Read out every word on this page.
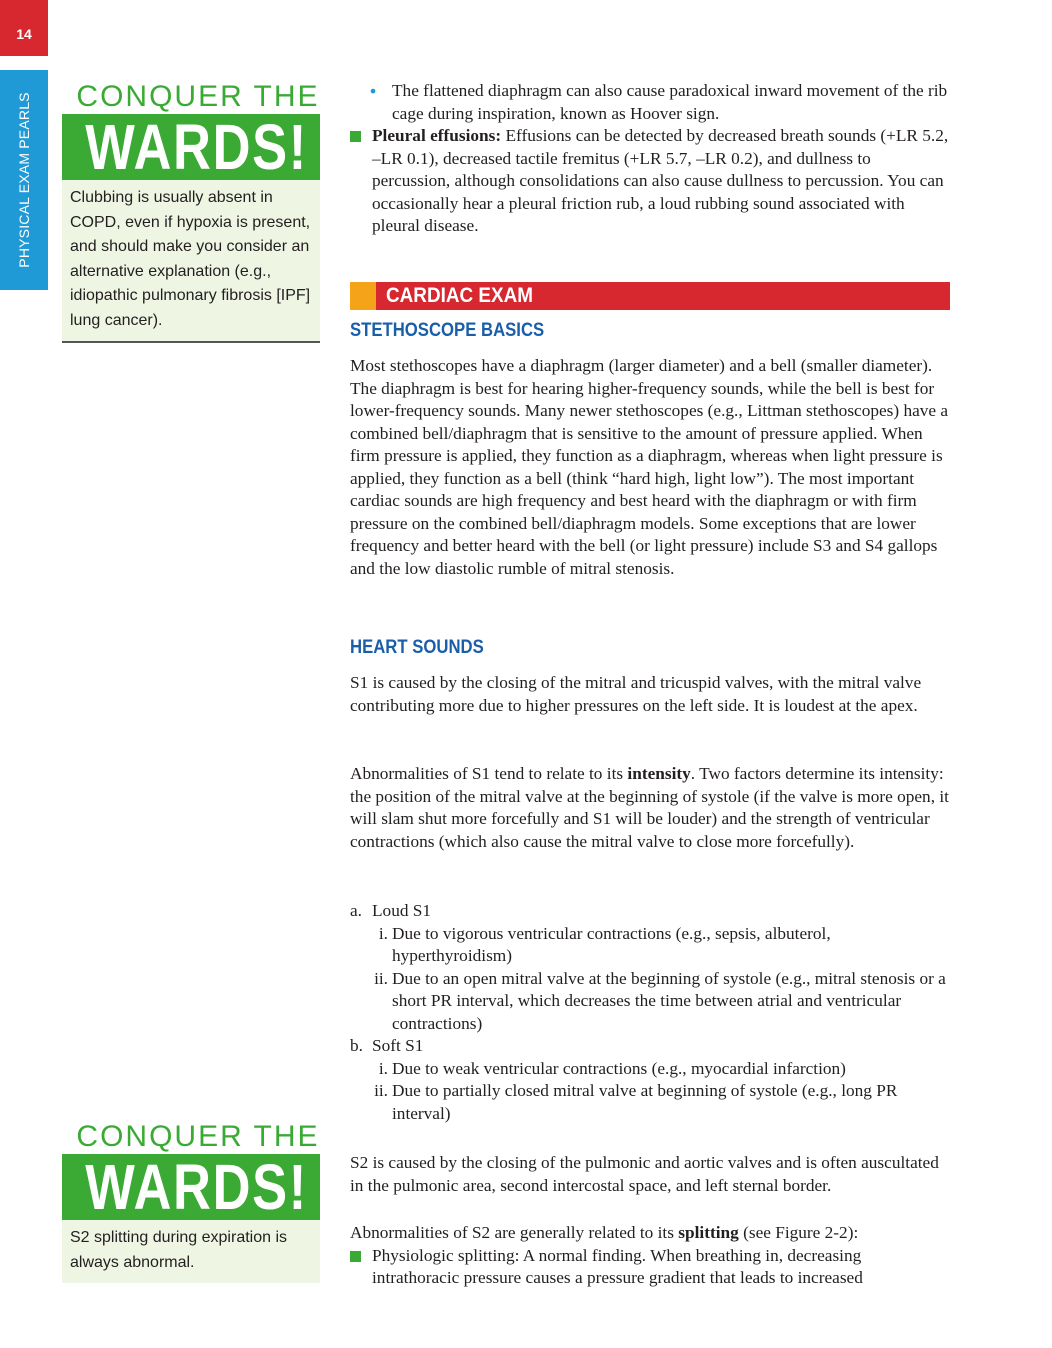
14
PHYSICAL EXAM PEARLS	CONQUER THE
WARDS!
Clubbing is usually absent in COPD, even if hypoxia is present, and should make you consider an alternative explanation (e.g., idiopathic pulmonary fibrosis [IPF] lung cancer).
CONQUER THE
WARDS!
S2 splitting during expiration is always abnormal.
• The flattened diaphragm can also cause paradoxical inward movement of the rib cage during inspiration, known as Hoover sign.

Pleural effusions: Effusions can be detected by decreased breath sounds (+LR 5.2, –LR 0.1), decreased tactile fremitus (+LR 5.7, –LR 0.2), and dullness to percussion, although consolidations can also cause dullness to percussion. You can occasionally hear a pleural friction rub, a loud rubbing sound associated with pleural disease.

CARDIAC EXAM
STETHOSCOPE BASICS

Most stethoscopes have a diaphragm (larger diameter) and a bell (smaller diameter). The diaphragm is best for hearing higher-frequency sounds, while the bell is best for lower-frequency sounds. Many newer stethoscopes (e.g., Littman stethoscopes) have a combined bell/diaphragm that is sensitive to the amount of pressure applied. When firm pressure is applied, they function as a diaphragm, whereas when light pressure is applied, they function as a bell (think “hard high, light low”). The most important cardiac sounds are high frequency and best heard with the diaphragm or with firm pressure on the combined bell/diaphragm models. Some exceptions that are lower frequency and better heard with the bell (or light pressure) include S3 and S4 gallops and the low diastolic rumble of mitral stenosis.

HEART SOUNDS

S1 is caused by the closing of the mitral and tricuspid valves, with the mitral valve contributing more due to higher pressures on the left side. It is loudest at the apex.

Abnormalities of S1 tend to relate to its intensity. Two factors determine its intensity: the position of the mitral valve at the beginning of systole (if the valve is more open, it will slam shut more forcefully and S1 will be louder) and the strength of ventricular contractions (which also cause the mitral valve to close more forcefully).

a. Loud S1
i. Due to vigorous ventricular contractions (e.g., sepsis, albuterol, hyperthyroidism)
ii. Due to an open mitral valve at the beginning of systole (e.g., mitral stenosis or a short PR interval, which decreases the time between atrial and ventricular contractions)
b. Soft S1
i. Due to weak ventricular contractions (e.g., myocardial infarction)
ii. Due to partially closed mitral valve at beginning of systole (e.g., long PR interval)

S2 is caused by the closing of the pulmonic and aortic valves and is often auscultated in the pulmonic area, second intercostal space, and left sternal border.

Abnormalities of S2 are generally related to its splitting (see Figure 2-2):

Physiologic splitting: A normal finding. When breathing in, decreasing intrathoracic pressure causes a pressure gradient that leads to increased
